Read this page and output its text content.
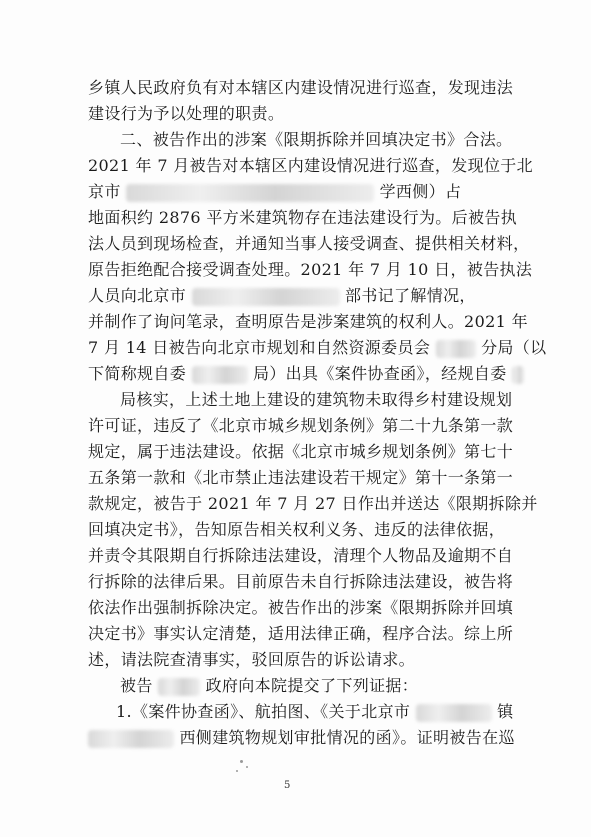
乡镇人民政府负有对本辖区内建设情况进行巡查，发现违法
建设行为予以处理的职责。
二、被告作出的涉案《限期拆除并回填决定书》合法。
2021 年 7 月被告对本辖区内建设情况进行巡查，发现位于北
京市	学西侧）占
地面积约 2876 平方米建筑物存在违法建设行为。后被告执
法人员到现场检查，并通知当事人接受调查、提供相关材料，
原告拒绝配合接受调查处理。2021 年 7 月 10 日，被告执法
人员向北京市	部书记了解情况，
并制作了询问笔录，查明原告是涉案建筑的权利人。2021 年
7 月 14 日被告向北京市规划和自然资源委员会	分局（以
下简称规自委	局）出具《案件协查函》，经规自委
局核实，上述土地上建设的建筑物未取得乡村建设规划
许可证，违反了《北京市城乡规划条例》第二十九条第一款
规定，属于违法建设。依据《北京市城乡规划条例》第七十
五条第一款和《北市禁止违法建设若干规定》第十一条第一
款规定，被告于 2021 年 7 月 27 日作出并送达《限期拆除并
回填决定书》，告知原告相关权利义务、违反的法律依据，
并责令其限期自行拆除违法建设，清理个人物品及逾期不自
行拆除的法律后果。目前原告未自行拆除违法建设，被告将
依法作出强制拆除决定。被告作出的涉案《限期拆除并回填
决定书》事实认定清楚，适用法律正确，程序合法。综上所
述，请法院查清事实，驳回原告的诉讼请求。
被告	政府向本院提交了下列证据：
1.《案件协查函》、航拍图、《关于北京市	镇
西侧建筑物规划审批情况的函》。证明被告在巡
5
